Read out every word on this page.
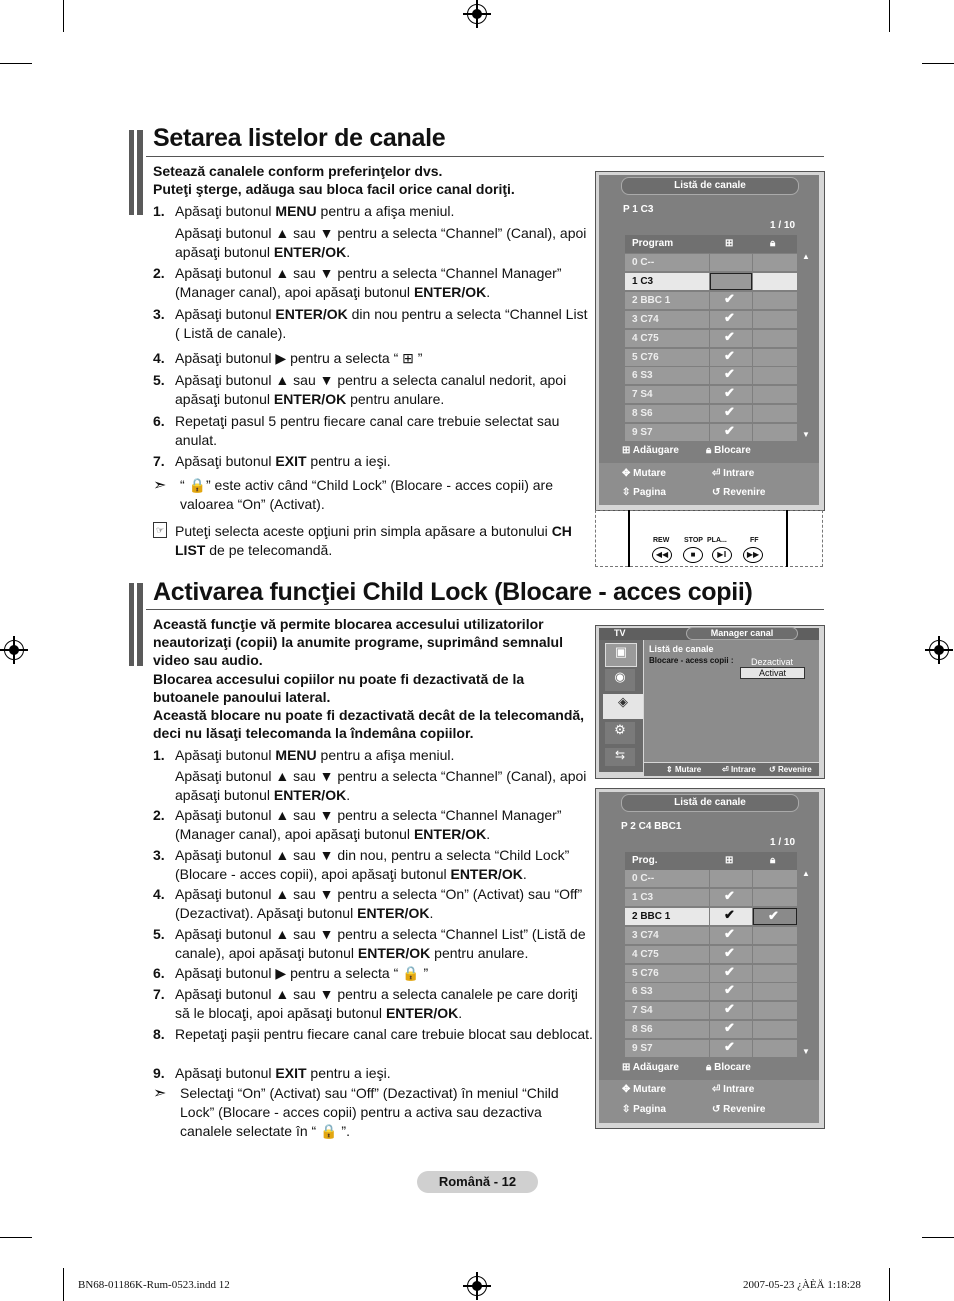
Setarea listelor de canale
Setează canalele conform preferinţelor dvs.
Puteţi şterge, adăuga sau bloca facil orice canal doriţi.
1. Apăsaţi butonul MENU pentru a afişa meniul.
Apăsaţi butonul ▲ sau ▼ pentru a selecta “Channel” (Canal), apoi apăsaţi butonul ENTER/OK.
2. Apăsaţi butonul ▲ sau ▼ pentru a selecta “Channel Manager” (Manager canal), apoi apăsaţi butonul ENTER/OK.
3. Apăsaţi butonul ENTER/OK din nou pentru a selecta “Channel List ( Listă de canale).
4. Apăsaţi butonul ▶ pentru a selecta “ ⊞ ”
5. Apăsaţi butonul ▲ sau ▼ pentru a selecta canalul nedorit, apoi apăsaţi butonul ENTER/OK pentru anulare.
6. Repetaţi pasul 5 pentru fiecare canal care trebuie selectat sau anulat.
7. Apăsaţi butonul EXIT pentru a ieşi.
➣ “ 🔒” este activ când “Child Lock” (Blocare - acces copii) are valoarea “On” (Activat).
☞ Puteţi selecta aceste opţiuni prin simpla apăsare a butonului CH LIST de pe telecomandă.
Listă de canale
P 1 C3
1 / 10
Program	⊞	🔒︎
0 C--
1 C3
2 BBC 1	✔
3 C74	✔
4 C75	✔
5 C76	✔
6 S3	✔
7 S4	✔
8 S6	✔
9 S7	✔
▲
▼
⊞ Adăugare	🔒︎ Blocare
✥ Mutare	⏎ Intrare
⇳ Pagina	↺ Revenire
REW STOP PLA...	FF
◀◀	■	▶‖	▶▶
Activarea funcţiei Child Lock (Blocare - acces copii)
Această funcţie vă permite blocarea accesului utilizatorilor
neautorizaţi (copii) la anumite programe, suprimând semnalul
video sau audio.
Blocarea accesului copiilor nu poate fi dezactivată de la
butoanele panoului lateral.
Această blocare nu poate fi dezactivată decât de la telecomandă,
deci nu lăsaţi telecomanda la îndemâna copiilor.
1. Apăsaţi butonul MENU pentru a afişa meniul.
Apăsaţi butonul ▲ sau ▼ pentru a selecta “Channel” (Canal), apoi apăsaţi butonul ENTER/OK.
2. Apăsaţi butonul ▲ sau ▼ pentru a selecta “Channel Manager” (Manager canal), apoi apăsaţi butonul ENTER/OK.
3. Apăsaţi butonul ▲ sau ▼ din nou, pentru a selecta “Child Lock” (Blocare - acces copii), apoi apăsaţi butonul ENTER/OK.
4. Apăsaţi butonul ▲ sau ▼ pentru a selecta “On” (Activat) sau “Off” (Dezactivat). Apăsaţi butonul ENTER/OK.
5. Apăsaţi butonul ▲ sau ▼ pentru a selecta “Channel List” (Listă de canale), apoi apăsaţi butonul ENTER/OK pentru anulare.
6. Apăsaţi butonul ▶ pentru a selecta “ 🔒 ”
7. Apăsaţi butonul ▲ sau ▼ pentru a selecta canalele pe care doriţi să le blocaţi, apoi apăsaţi butonul ENTER/OK.
8. Repetaţi paşii pentru fiecare canal care trebuie blocat sau deblocat.
9. Apăsaţi butonul EXIT pentru a ieşi.
➣ Selectaţi “On” (Activat) sau “Off” (Dezactivat) în meniul “Child Lock” (Blocare - acces copii) pentru a activa sau dezactiva canalele selectate în “ 🔒 ”.
TV	Manager canal
▣
◉
◈
⚙
⇆
Listă de canale
Blocare - acess copii :	Dezactivat
Activat
⇕ Mutare	⏎ Intrare ↺ Revenire
Listă de canale
P 2 C4 BBC1
1 / 10
Prog.	⊞	🔒︎
0 C--
1 C3	✔
2 BBC 1	✔	✔
3 C74	✔
4 C75	✔
5 C76	✔
6 S3	✔
7 S4	✔
8 S6	✔
9 S7	✔
▲
▼
⊞ Adăugare	🔒︎ Blocare
✥ Mutare	⏎ Intrare
⇳ Pagina	↺ Revenire
Română - 12
BN68-01186K-Rum-0523.indd 12	2007-05-23 ¿ÀÈÄ 1:18:28
